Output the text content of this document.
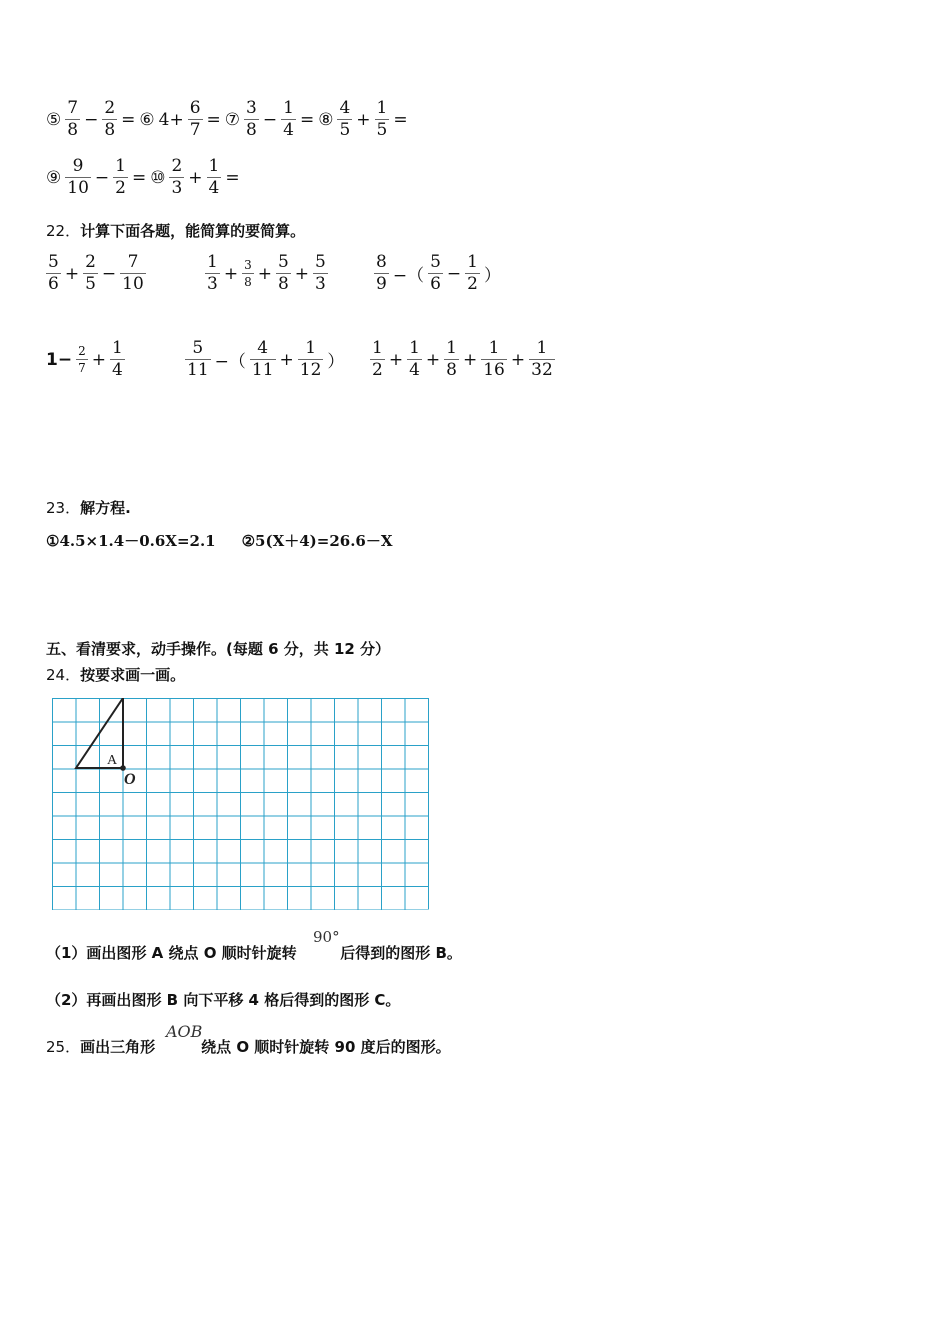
⑤ $\frac{7}{8} - \frac{2}{8}$ = ⑥ $4+ \frac{6}{7}$ = ⑦ $\frac{3}{8} - \frac{1}{4}$ = ⑧ $\frac{4}{5} + \frac{1}{5}$ =
⑨ $\frac{9}{10} - \frac{1}{2}$ = ⑩ $\frac{2}{3} + \frac{1}{4}$ =
22．计算下面各题，能简算的要简算。
$\frac{5}{6} + \frac{2}{5} - \frac{7}{10}$	$\frac{1}{3} + \frac{3}{8} + \frac{5}{8} + \frac{5}{3}$	$\frac{8}{9}$ −（ $\frac{5}{6} - \frac{1}{2}$ ）
$1- \frac{2}{7} + \frac{1}{4}$	$\frac{5}{11}$ −（ $\frac{4}{11} + \frac{1}{12}$ ） $\frac{1}{2} + \frac{1}{4} + \frac{1}{8} + \frac{1}{16} + \frac{1}{32}$
23．解方程.
①4.5×1.4－0.6X=2.1 ②5(X＋4)=26.6－X
五、看清要求，动手操作。(每题 6 分，共 12 分）
24．按要求画一画。
A
O
（1）画出图形 A 绕点 O 顺时针旋转	后得到的图形 B。
90°
（2）再画出图形 B 向下平移 4 格后得到的图形 C。
25．画出三角形	绕点 O 顺时针旋转 90 度后的图形。
AOB
